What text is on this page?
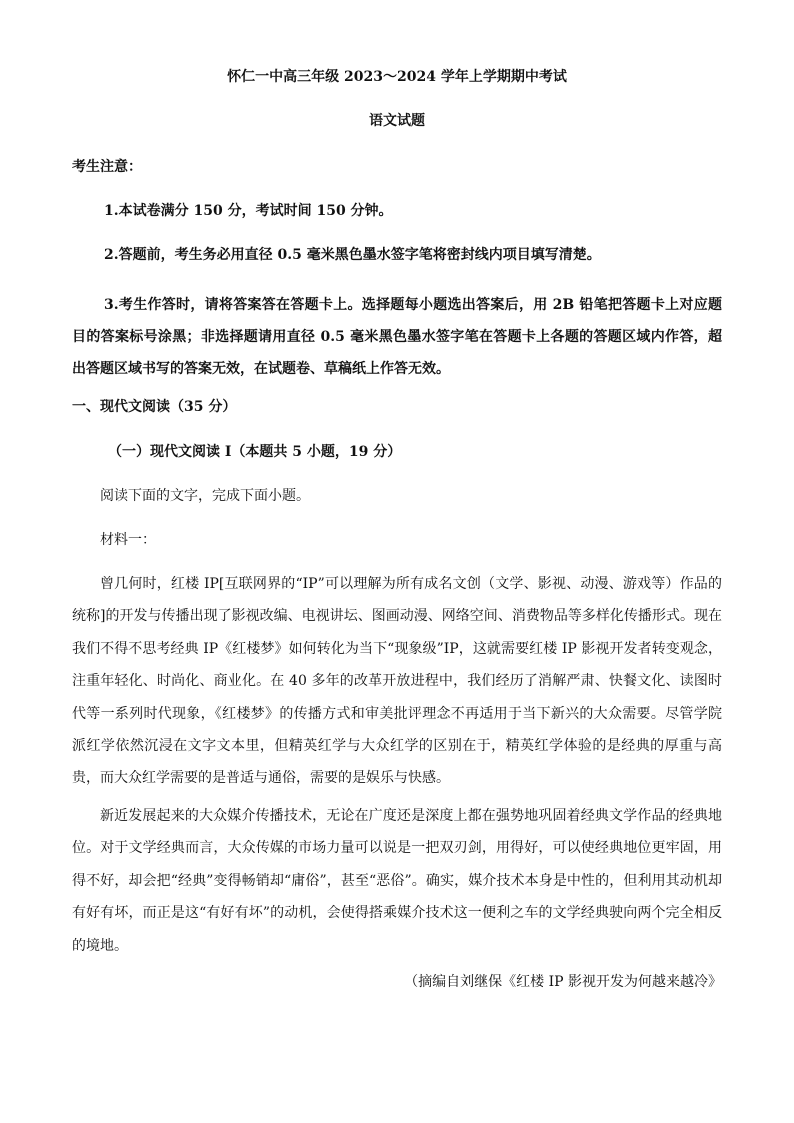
怀仁一中高三年级 2023～2024 学年上学期期中考试
语文试题

考生注意：

1.本试卷满分 150 分，考试时间 150 分钟。

2.答题前，考生务必用直径 0.5 毫米黑色墨水签字笔将密封线内项目填写清楚。

3.考生作答时，请将答案答在答题卡上。选择题每小题选出答案后，用 2B 铅笔把答题卡上对应题目的答案标号涂黑；非选择题请用直径 0.5 毫米黑色墨水签字笔在答题卡上各题的答题区域内作答，超出答题区域书写的答案无效，在试题卷、草稿纸上作答无效。

一、现代文阅读（35 分）

（一）现代文阅读 I（本题共 5 小题，19 分）

阅读下面的文字，完成下面小题。

材料一：

曾几何时，红楼 IP[互联网界的“IP”可以理解为所有成名文创（文学、影视、动漫、游戏等）作品的统称]的开发与传播出现了影视改编、电视讲坛、图画动漫、网络空间、消费物品等多样化传播形式。现在我们不得不思考经典 IP《红楼梦》如何转化为当下“现象级”IP，这就需要红楼 IP 影视开发者转变观念，注重年轻化、时尚化、商业化。在 40 多年的改革开放进程中，我们经历了消解严肃、快餐文化、读图时代等一系列时代现象，《红楼梦》的传播方式和审美批评理念不再适用于当下新兴的大众需要。尽管学院派红学依然沉浸在文字文本里，但精英红学与大众红学的区别在于，精英红学体验的是经典的厚重与高贵，而大众红学需要的是普适与通俗，需要的是娱乐与快感。

新近发展起来的大众媒介传播技术，无论在广度还是深度上都在强势地巩固着经典文学作品的经典地位。对于文学经典而言，大众传媒的市场力量可以说是一把双刃剑，用得好，可以使经典地位更牢固，用得不好，却会把“经典”变得畅销却“庸俗”，甚至“恶俗”。确实，媒介技术本身是中性的，但利用其动机却有好有坏，而正是这“有好有坏”的动机，会使得搭乘媒介技术这一便利之车的文学经典驶向两个完全相反的境地。

（摘编自刘继保《红楼 IP 影视开发为何越来越冷》
